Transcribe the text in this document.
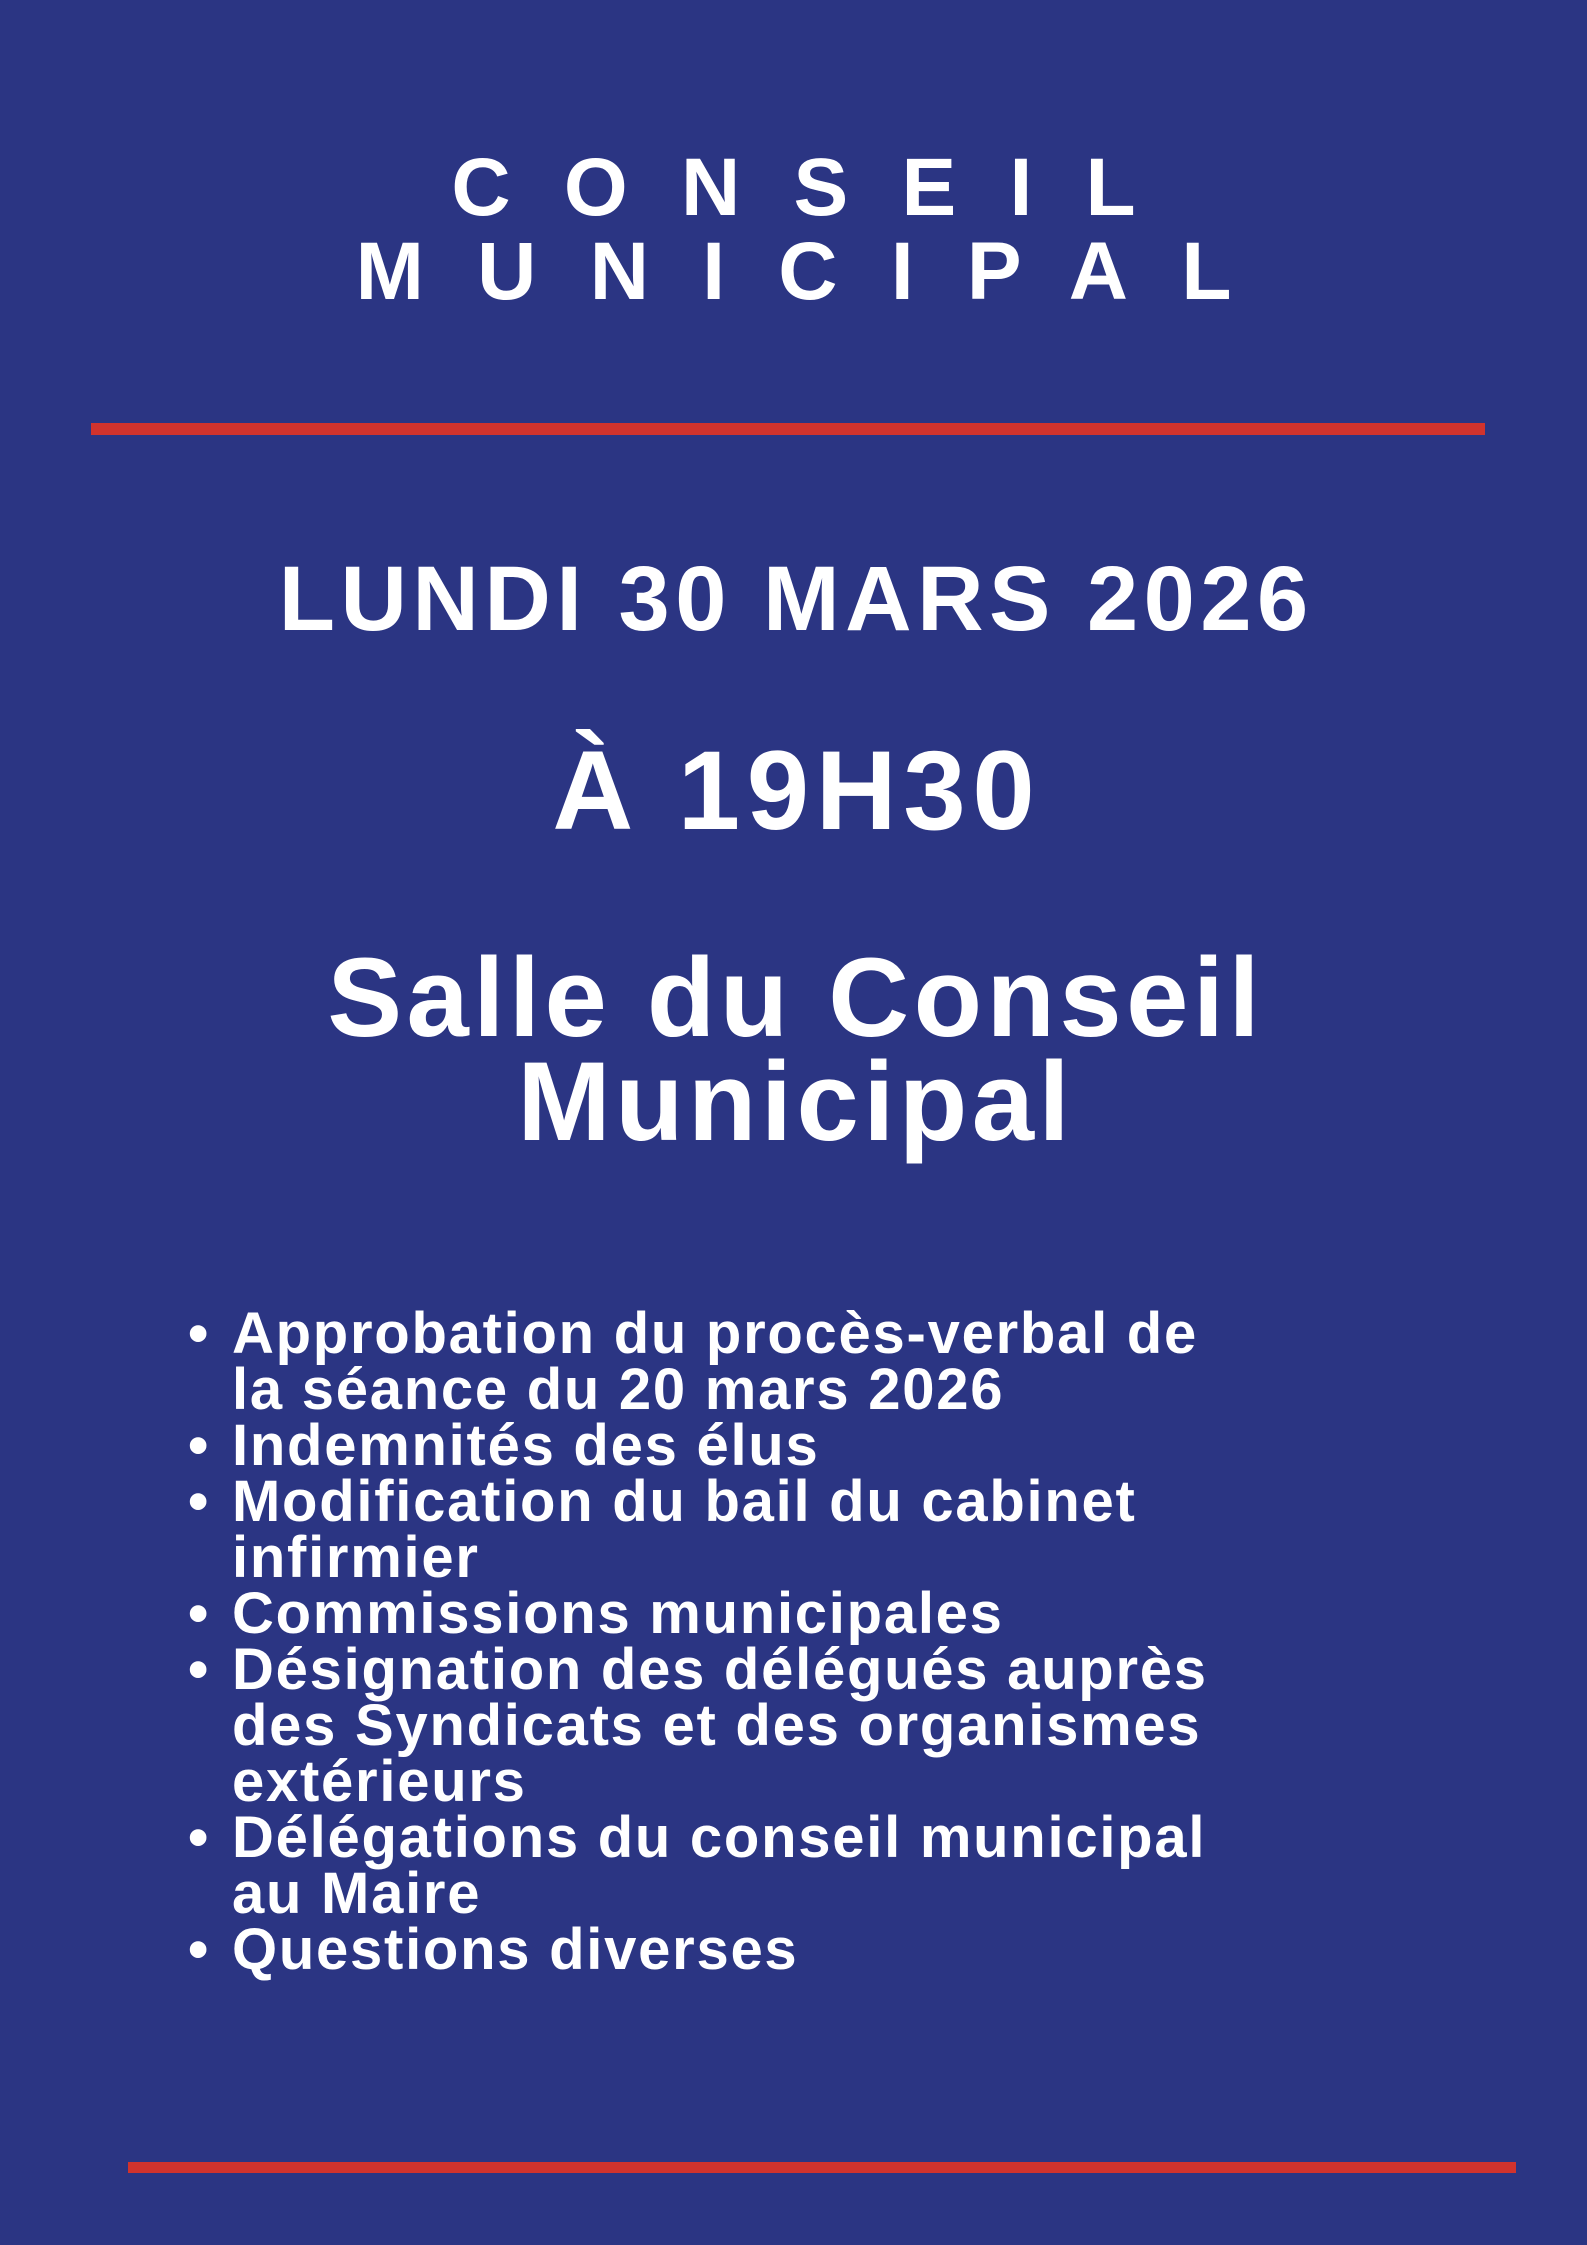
CONSEIL
MUNICIPAL
LUNDI 30 MARS 2026
À 19H30
Salle du Conseil
Municipal
• Approbation du procès-verbal de
la séance du 20 mars 2026
• Indemnités des élus
• Modification du bail du cabinet
infirmier
• Commissions municipales
• Désignation des délégués auprès
des Syndicats et des organismes
extérieurs
• Délégations du conseil municipal
au Maire
• Questions diverses
